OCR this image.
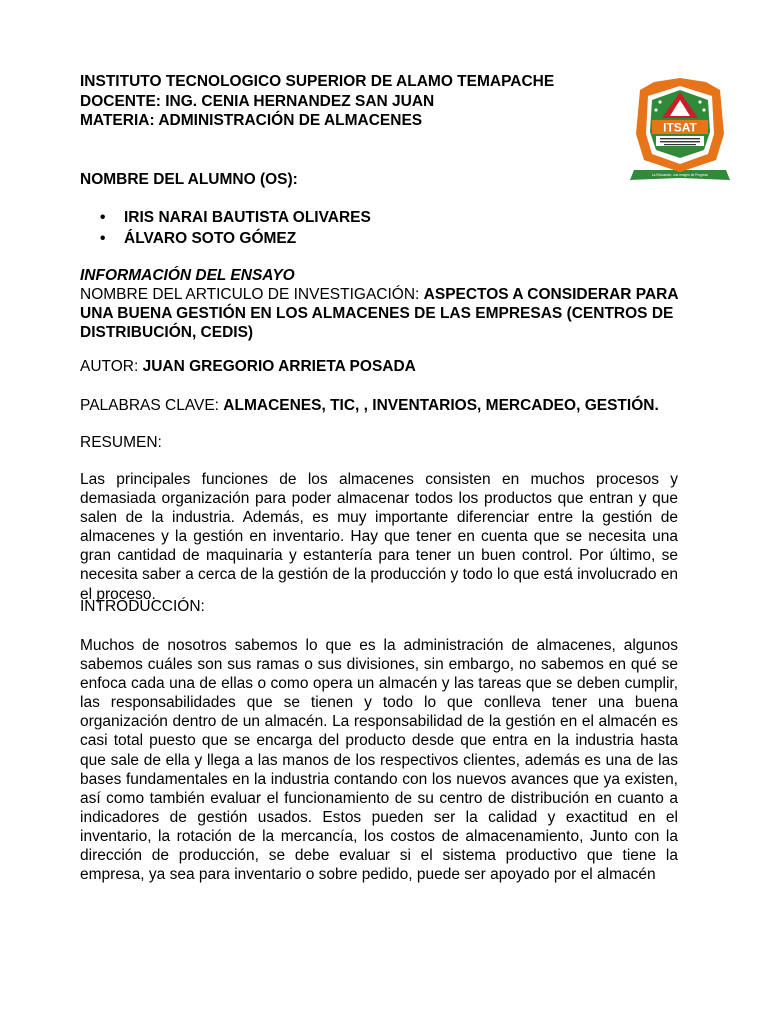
INSTITUTO TECNOLOGICO SUPERIOR DE ALAMO TEMAPACHE
DOCENTE: ING. CENIA HERNANDEZ SAN JUAN
MATERIA: ADMINISTRACIÓN DE ALMACENES	ITSAT
La Educación, una Imagen de Progreso
NOMBRE DEL ALUMNO (OS):
• IRIS NARAI BAUTISTA OLIVARES
• ÁLVARO SOTO GÓMEZ
INFORMACIÓN DEL ENSAYO
NOMBRE DEL ARTICULO DE INVESTIGACIÓN: ASPECTOS A CONSIDERAR PARA UNA BUENA GESTIÓN EN LOS ALMACENES DE LAS EMPRESAS (CENTROS DE DISTRIBUCIÓN, CEDIS)
AUTOR: JUAN GREGORIO ARRIETA POSADA
PALABRAS CLAVE: ALMACENES, TIC, , INVENTARIOS, MERCADEO, GESTIÓN.
RESUMEN:
Las principales funciones de los almacenes consisten en muchos procesos y demasiada organización para poder almacenar todos los productos que entran y que salen de la industria. Además, es muy importante diferenciar entre la gestión de almacenes y la gestión en inventario. Hay que tener en cuenta que se necesita una gran cantidad de maquinaria y estantería para tener un buen control. Por último, se necesita saber a cerca de la gestión de la producción y todo lo que está involucrado en el proceso.
INTRODUCCIÓN:
Muchos de nosotros sabemos lo que es la administración de almacenes, algunos sabemos cuáles son sus ramas o sus divisiones, sin embargo, no sabemos en qué se enfoca cada una de ellas o como opera un almacén y las tareas que se deben cumplir, las responsabilidades que se tienen y todo lo que conlleva tener una buena organización dentro de un almacén. La responsabilidad de la gestión en el almacén es casi total puesto que se encarga del producto desde que entra en la industria hasta que sale de ella y llega a las manos de los respectivos clientes, además es una de las bases fundamentales en la industria contando con los nuevos avances que ya existen, así como también evaluar el funcionamiento de su centro de distribución en cuanto a indicadores de gestión usados. Estos pueden ser la calidad y exactitud en el inventario, la rotación de la mercancía, los costos de almacenamiento, Junto con la dirección de producción, se debe evaluar si el sistema productivo que tiene la empresa, ya sea para inventario o sobre pedido, puede ser apoyado por el almacén
